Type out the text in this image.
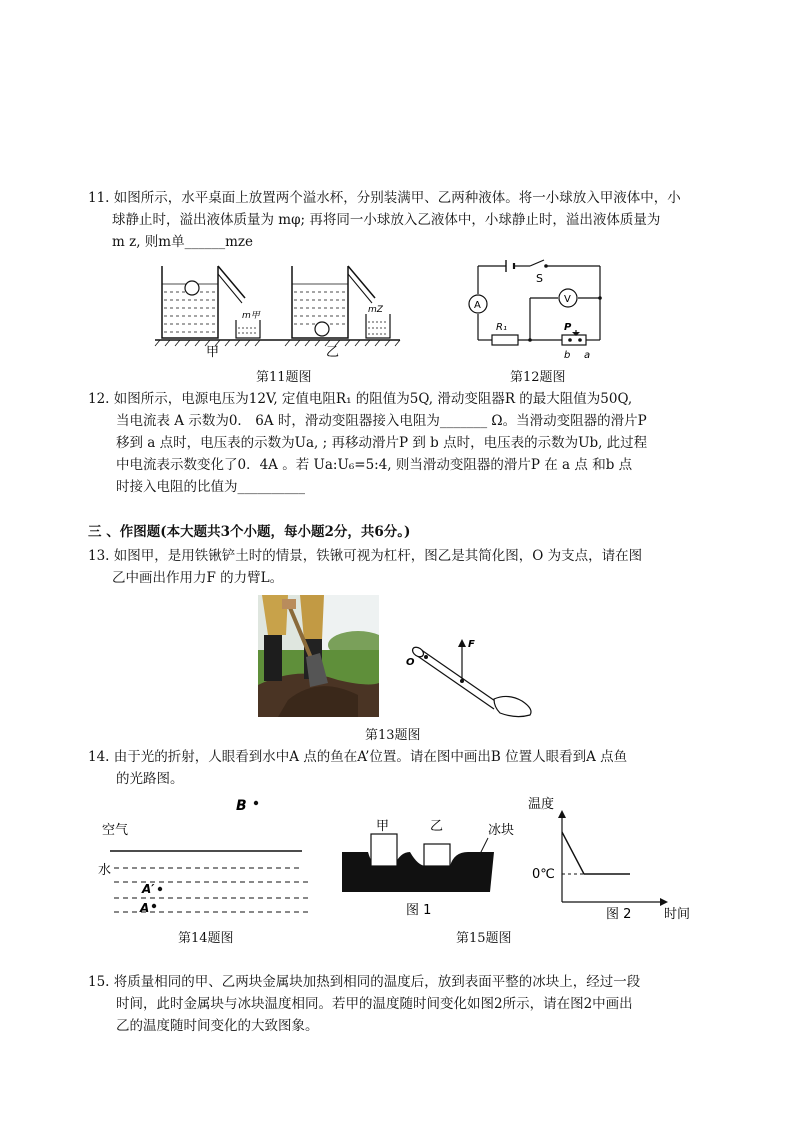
11. 如图所示，水平桌面上放置两个溢水杯，分别装满甲、乙两种液体。将一小球放入甲液体中，小
球静止时，溢出液体质量为 mφ; 再将同一小球放入乙液体中，小球静止时，溢出液体质量为
m z, 则m单______mze
m甲
mZ
甲	乙
第11题图
S
A
V
R₁	P
b a
第12题图
12. 如图所示，电源电压为12V, 定值电阻R₁ 的阻值为5Q, 滑动变阻器R 的最大阻值为50Q,
当电流表 A 示数为0． 6A 时，滑动变阻器接入电阻为_______ Ω。当滑动变阻器的滑片P
移到 a 点时，电压表的示数为Ua, ; 再移动滑片P 到 b 点时，电压表的示数为Ub, 此过程
中电流表示数变化了0．4A 。若 Ua:U₆=5:4, 则当滑动变阻器的滑片P 在 a 点 和b 点
时接入电阻的比值为__________
三 、作图题(本大题共3个小题，每小题2分，共6分。)
13. 如图甲，是用铁锹铲土时的情景，铁锹可视为杠杆，图乙是其简化图，O 为支点，请在图
乙中画出作用力F 的力臂L。
F
O
第13题图
14. 由于光的折射，人眼看到水中A 点的鱼在A’位置。请在图中画出B 位置人眼看到A 点鱼
的光路图。
B
空气
水
A′
A
第14题图
甲	乙	冰块
图 1
温度
0℃
图 2	时间
第15题图
15. 将质量相同的甲、乙两块金属块加热到相同的温度后，放到表面平整的冰块上，经过一段
时间，此时金属块与冰块温度相同。若甲的温度随时间变化如图2所示，请在图2中画出
乙的温度随时间变化的大致图象。
